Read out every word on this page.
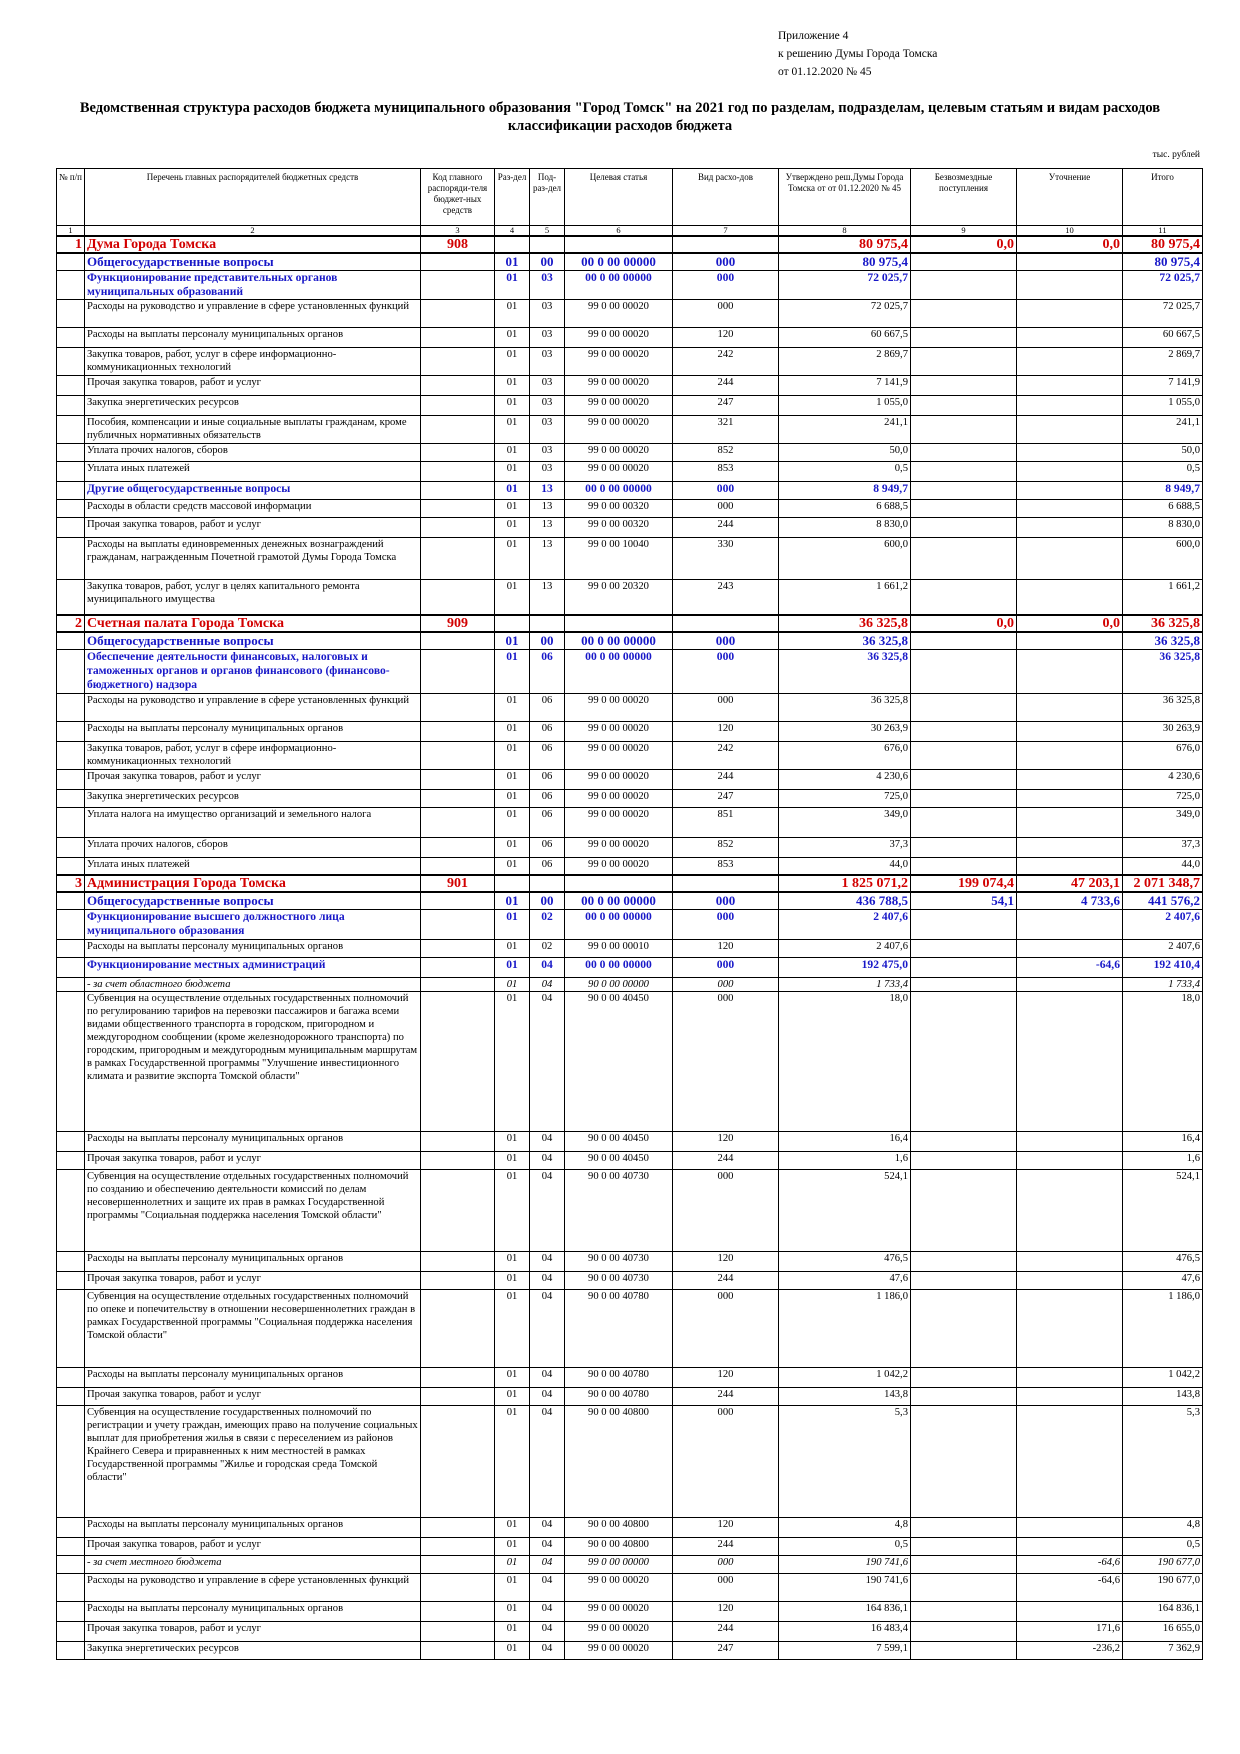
Приложение 4
к решению Думы Города Томска
от 01.12.2020 № 45
Ведомственная структура расходов бюджета муниципального образования "Город Томск" на 2021 год по разделам, подразделам, целевым статьям и видам расходов классификации расходов бюджета
тыс. рублей
№ п/п	Перечень главных распорядителей бюджетных средств	Код главного распоряди-теля бюджет-ных средств	Раз-дел	Под-раз-дел	Целевая статья	Вид расхо-дов	Утверждено реш.Думы Города Томска от от 01.12.2020 № 45	Безвозмездные поступления	Уточнение	Итого
1	2	3	4	5	6	7	8	9	10	11
1	Дума Города Томска	908					80 975,4	0,0	0,0	80 975,4
	Общегосударственные вопросы		01	00	00 0 00 00000	000	80 975,4			80 975,4
	Функционирование представительных органов муниципальных образований		01	03	00 0 00 00000	000	72 025,7			72 025,7
	Расходы на руководство и управление в сфере установленных функций		01	03	99 0 00 00020	000	72 025,7			72 025,7
	Расходы на выплаты персоналу муниципальных органов		01	03	99 0 00 00020	120	60 667,5			60 667,5
	Закупка товаров, работ, услуг в сфере информационно-коммуникационных технологий		01	03	99 0 00 00020	242	2 869,7			2 869,7
	Прочая закупка товаров, работ и услуг		01	03	99 0 00 00020	244	7 141,9			7 141,9
	Закупка энергетических ресурсов		01	03	99 0 00 00020	247	1 055,0			1 055,0
	Пособия, компенсации и иные социальные выплаты гражданам, кроме публичных нормативных обязательств		01	03	99 0 00 00020	321	241,1			241,1
	Уплата прочих налогов, сборов		01	03	99 0 00 00020	852	50,0			50,0
	Уплата иных платежей		01	03	99 0 00 00020	853	0,5			0,5
	Другие общегосударственные вопросы		01	13	00 0 00 00000	000	8 949,7			8 949,7
	Расходы в области средств массовой информации		01	13	99 0 00 00320	000	6 688,5			6 688,5
	Прочая закупка товаров, работ и услуг		01	13	99 0 00 00320	244	8 830,0			8 830,0
	Расходы на выплаты единовременных денежных вознаграждений гражданам, награжденным Почетной грамотой Думы Города Томска		01	13	99 0 00 10040	330	600,0			600,0
	Закупка товаров, работ, услуг в целях капитального ремонта муниципального имущества		01	13	99 0 00 20320	243	1 661,2			1 661,2
2	Счетная палата Города Томска	909					36 325,8	0,0	0,0	36 325,8
	Общегосударственные вопросы		01	00	00 0 00 00000	000	36 325,8			36 325,8
	Обеспечение деятельности финансовых, налоговых и таможенных органов и органов финансового (финансово-бюджетного) надзора		01	06	00 0 00 00000	000	36 325,8			36 325,8
	Расходы на руководство и управление в сфере установленных функций		01	06	99 0 00 00020	000	36 325,8			36 325,8
	Расходы на выплаты персоналу муниципальных органов		01	06	99 0 00 00020	120	30 263,9			30 263,9
	Закупка товаров, работ, услуг в сфере информационно-коммуникационных технологий		01	06	99 0 00 00020	242	676,0			676,0
	Прочая закупка товаров, работ и услуг		01	06	99 0 00 00020	244	4 230,6			4 230,6
	Закупка энергетических ресурсов		01	06	99 0 00 00020	247	725,0			725,0
	Уплата налога на имущество организаций и земельного налога		01	06	99 0 00 00020	851	349,0			349,0
	Уплата прочих налогов, сборов		01	06	99 0 00 00020	852	37,3			37,3
	Уплата иных платежей		01	06	99 0 00 00020	853	44,0			44,0
3	Администрация Города Томска	901					1 825 071,2	199 074,4	47 203,1	2 071 348,7
	Общегосударственные вопросы		01	00	00 0 00 00000	000	436 788,5	54,1	4 733,6	441 576,2
	Функционирование высшего должностного лица муниципального образования		01	02	00 0 00 00000	000	2 407,6			2 407,6
	Расходы на выплаты персоналу муниципальных органов		01	02	99 0 00 00010	120	2 407,6			2 407,6
	Функционирование местных администраций		01	04	00 0 00 00000	000	192 475,0		-64,6	192 410,4
	- за счет областного бюджета		01	04	90 0 00 00000	000	1 733,4			1 733,4
	Субвенция на осуществление отдельных государственных полномочий по регулированию тарифов на перевозки пассажиров и багажа всеми видами общественного транспорта в городском, пригородном и междугородном сообщении (кроме железнодорожного транспорта) по городским, пригородным и междугородным муниципальным маршрутам в рамках Государственной программы "Улучшение инвестиционного климата и развитие экспорта Томской области"		01	04	90 0 00 40450	000	18,0			18,0
	Расходы на выплаты персоналу муниципальных органов		01	04	90 0 00 40450	120	16,4			16,4
	Прочая закупка товаров, работ и услуг		01	04	90 0 00 40450	244	1,6			1,6
	Субвенция на осуществление отдельных государственных полномочий по созданию и обеспечению деятельности комиссий по делам несовершеннолетних и защите их прав в рамках Государственной программы "Социальная поддержка населения Томской области"		01	04	90 0 00 40730	000	524,1			524,1
	Расходы на выплаты персоналу муниципальных органов		01	04	90 0 00 40730	120	476,5			476,5
	Прочая закупка товаров, работ и услуг		01	04	90 0 00 40730	244	47,6			47,6
	Субвенция на осуществление отдельных государственных полномочий по опеке и попечительству в отношении несовершеннолетних граждан в рамках Государственной программы "Социальная поддержка населения Томской области"		01	04	90 0 00 40780	000	1 186,0			1 186,0
	Расходы на выплаты персоналу муниципальных органов		01	04	90 0 00 40780	120	1 042,2			1 042,2
	Прочая закупка товаров, работ и услуг		01	04	90 0 00 40780	244	143,8			143,8
	Субвенция на осуществление государственных полномочий по регистрации и учету граждан, имеющих право на получение социальных выплат для приобретения жилья в связи с переселением из районов Крайнего Севера и приравненных к ним местностей в рамках Государственной программы "Жилье и городская среда Томской области"		01	04	90 0 00 40800	000	5,3			5,3
	Расходы на выплаты персоналу муниципальных органов		01	04	90 0 00 40800	120	4,8			4,8
	Прочая закупка товаров, работ и услуг		01	04	90 0 00 40800	244	0,5			0,5
	- за счет местного бюджета		01	04	99 0 00 00000	000	190 741,6		-64,6	190 677,0
	Расходы на руководство и управление в сфере установленных функций		01	04	99 0 00 00020	000	190 741,6		-64,6	190 677,0
	Расходы на выплаты персоналу муниципальных органов		01	04	99 0 00 00020	120	164 836,1			164 836,1
	Прочая закупка товаров, работ и услуг		01	04	99 0 00 00020	244	16 483,4		171,6	16 655,0
	Закупка энергетических ресурсов		01	04	99 0 00 00020	247	7 599,1		-236,2	7 362,9
